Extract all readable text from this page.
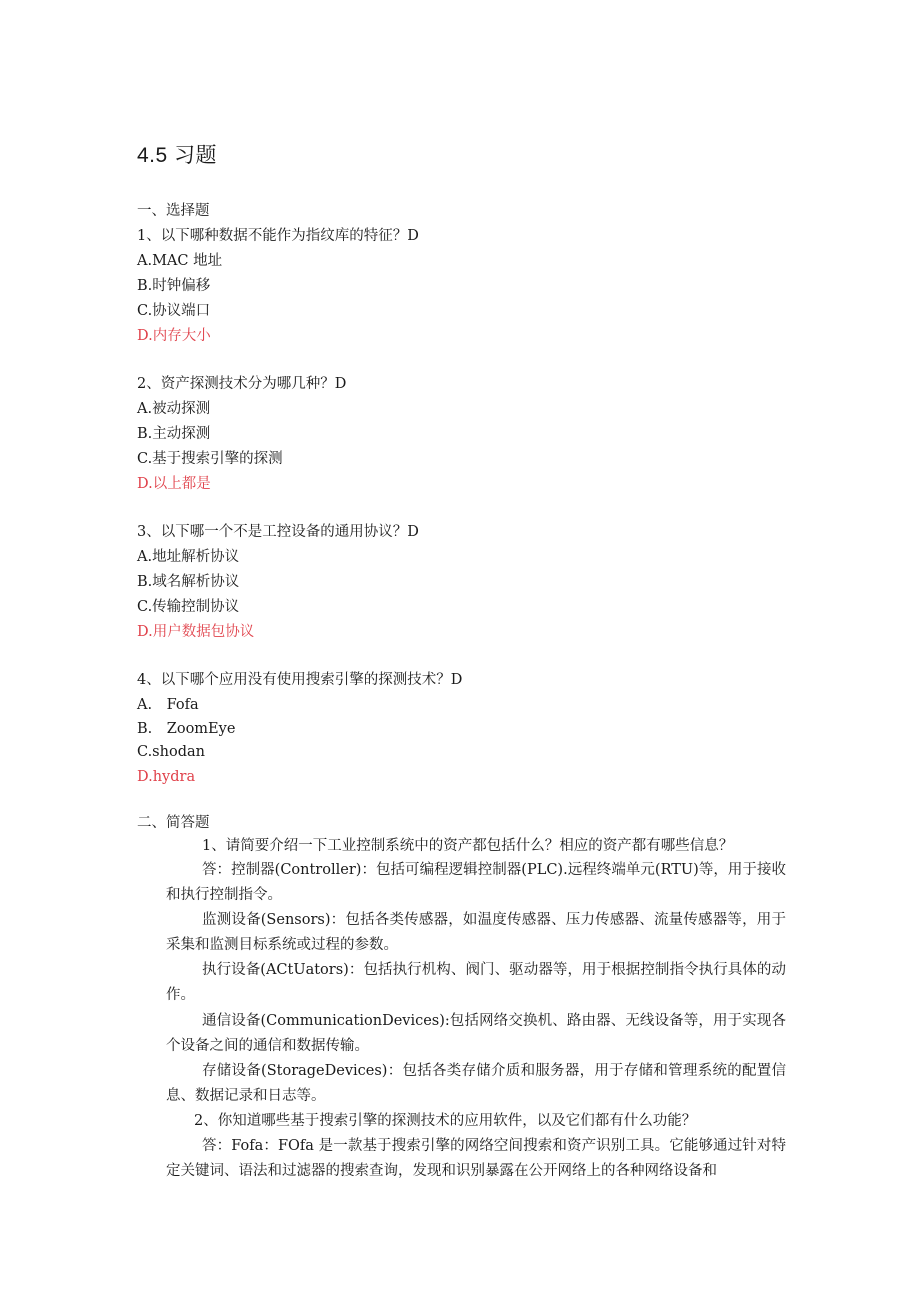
4.5 习题
一、选择题
1、以下哪种数据不能作为指纹库的特征？D
A.MAC 地址
B.时钟偏移
C.协议端口
D.内存大小
2、资产探测技术分为哪几种？D
A.被动探测
B.主动探测
C.基于搜索引擎的探测
D.以上都是
3、以下哪一个不是工控设备的通用协议？D
A.地址解析协议
B.域名解析协议
C.传输控制协议
D.用户数据包协议
4、以下哪个应用没有使用搜索引擎的探测技术？D
A.　Fofa
B.　ZoomEye
C.shodan
D.hydra
二、简答题
1、请简要介绍一下工业控制系统中的资产都包括什么？相应的资产都有哪些信息？
答：控制器(Controller)：包括可编程逻辑控制器(PLC).远程终端单元(RTU)等，用于接收和执行控制指令。
监测设备(Sensors)：包括各类传感器，如温度传感器、压力传感器、流量传感器等，用于采集和监测目标系统或过程的参数。
执行设备(ACtUators)：包括执行机构、阀门、驱动器等，用于根据控制指令执行具体的动作。
通信设备(CommunicationDevices):包括网络交换机、路由器、无线设备等，用于实现各个设备之间的通信和数据传输。
存储设备(StorageDevices)：包括各类存储介质和服务器，用于存储和管理系统的配置信息、数据记录和日志等。
2、你知道哪些基于搜索引擎的探测技术的应用软件，以及它们都有什么功能？
答：Fofa：FOfa 是一款基于搜索引擎的网络空间搜索和资产识别工具。它能够通过针对特定关键词、语法和过滤器的搜索查询，发现和识别暴露在公开网络上的各种网络设备和
